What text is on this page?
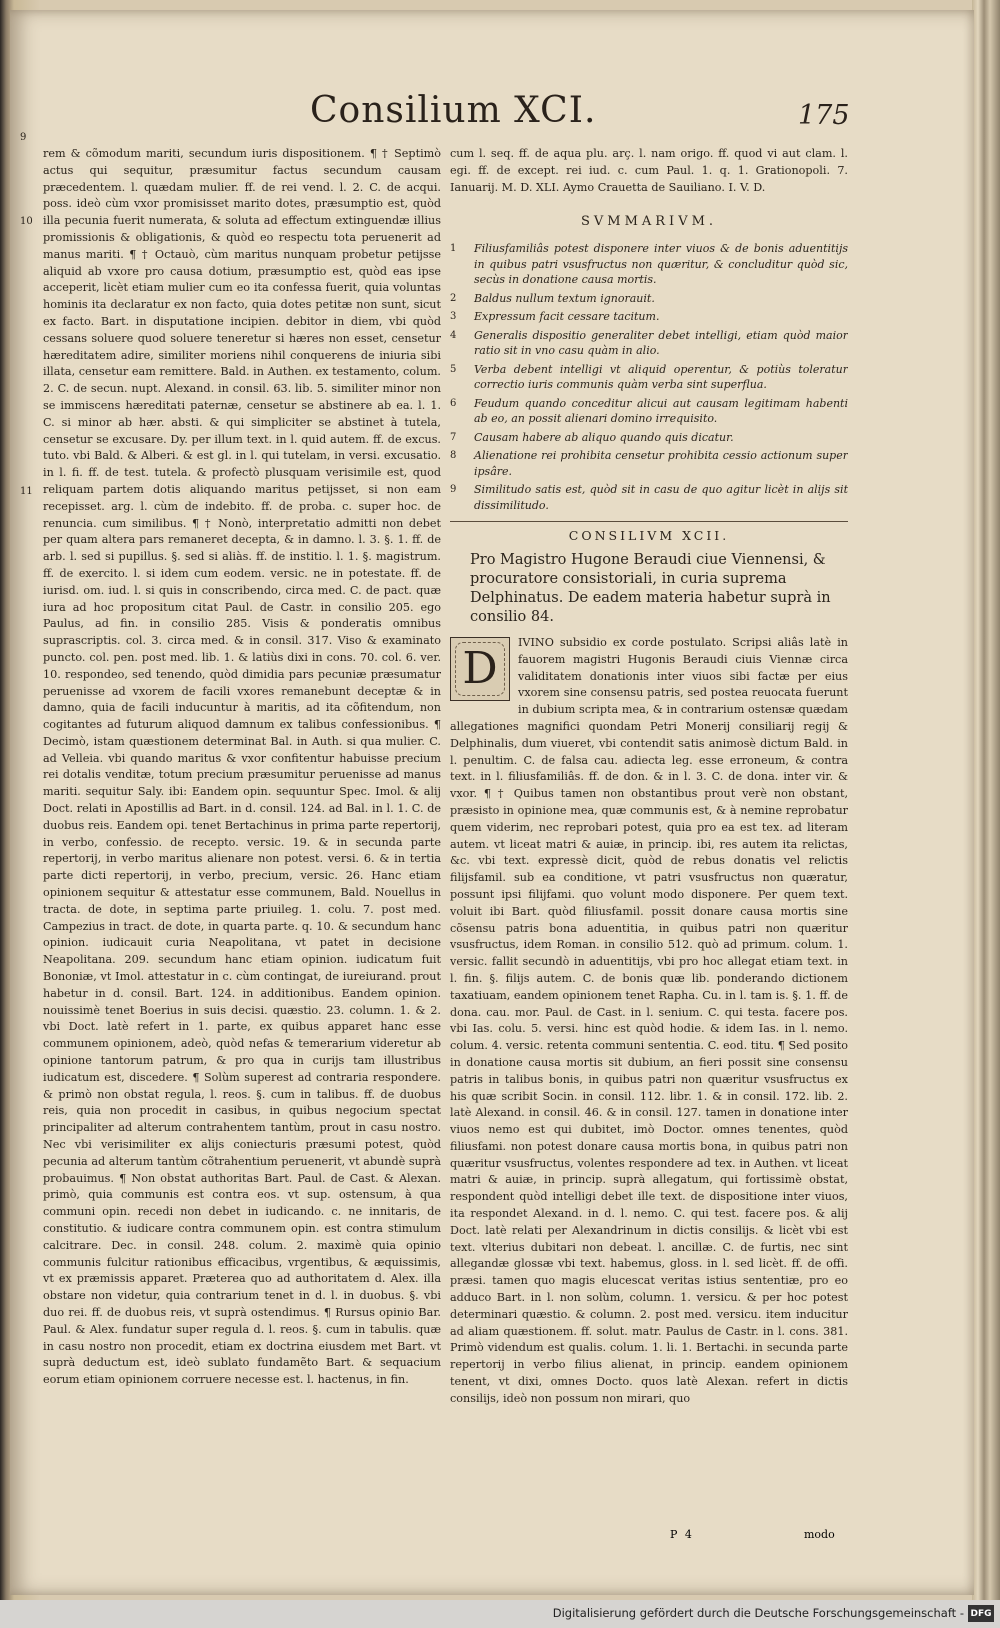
Consilium XCI.	175
9
10
11

rem & cõmodum mariti, secundum iuris dispositionem. ¶ † Septimò actus qui sequitur, præsumitur factus secundum causam præcedentem. l. quædam mulier. ff. de rei vend. l. 2. C. de acqui. poss. ideò cùm vxor promisisset marito dotes, præsumptio est, quòd illa pecunia fuerit numerata, & soluta ad effectum extinguendæ illius promissionis & obligationis, & quòd eo respectu tota peruenerit ad manus mariti. ¶ † Octauò, cùm maritus nunquam probetur petijsse aliquid ab vxore pro causa dotium, præsumptio est, quòd eas ipse acceperit, licèt etiam mulier cum eo ita confessa fuerit, quia voluntas hominis ita declaratur ex non facto, quia dotes petitæ non sunt, sicut ex facto. Bart. in disputatione incipien. debitor in diem, vbi quòd cessans soluere quod soluere teneretur si hæres non esset, censetur hæreditatem adire, similiter moriens nihil conquerens de iniuria sibi illata, censetur eam remittere. Bald. in Authen. ex testamento, colum. 2. C. de secun. nupt. Alexand. in consil. 63. lib. 5. similiter minor non se immiscens hæreditati paternæ, censetur se abstinere ab ea. l. 1. C. si minor ab hær. absti. & qui simpliciter se abstinet à tutela, censetur se excusare. Dy. per illum text. in l. quid autem. ff. de excus. tuto. vbi Bald. & Alberi. & est gl. in l. qui tutelam, in versi. excusatio. in l. fi. ff. de test. tutela. & profectò plusquam verisimile est, quod reliquam partem dotis aliquando maritus petijsset, si non eam recepisset. arg. l. cùm de indebito. ff. de proba. c. super hoc. de renuncia. cum similibus. ¶ † Nonò, interpretatio admitti non debet per quam altera pars remaneret decepta, & in damno. l. 3. §. 1. ff. de arb. l. sed si pupillus. §. sed si aliàs. ff. de institio. l. 1. §. magistrum. ff. de exercito. l. si idem cum eodem. versic. ne in potestate. ff. de iurisd. om. iud. l. si quis in conscribendo, circa med. C. de pact. quæ iura ad hoc propositum citat Paul. de Castr. in consilio 205. ego Paulus, ad fin. in consilio 285. Visis & ponderatis omnibus suprascriptis. col. 3. circa med. & in consil. 317. Viso & examinato puncto. col. pen. post med. lib. 1. & latiùs dixi in cons. 70. col. 6. ver. 10. respondeo, sed tenendo, quòd dimidia pars pecuniæ præsumatur peruenisse ad vxorem de facili vxores remanebunt deceptæ & in damno, quia de facili inducuntur à maritis, ad ita cõfitendum, non cogitantes ad futurum aliquod damnum ex talibus confessionibus. ¶ Decimò, istam quæstionem determinat Bal. in Auth. si qua mulier. C. ad Velleia. vbi quando maritus & vxor confitentur habuisse precium rei dotalis venditæ, totum precium præsumitur peruenisse ad manus mariti. sequitur Saly. ibi: Eandem opin. sequuntur Spec. Imol. & alij Doct. relati in Apostillis ad Bart. in d. consil. 124. ad Bal. in l. 1. C. de duobus reis. Eandem opi. tenet Bertachinus in prima parte repertorij, in verbo, confessio. de recepto. versic. 19. & in secunda parte repertorij, in verbo maritus alienare non potest. versi. 6. & in tertia parte dicti repertorij, in verbo, precium, versic. 26. Hanc etiam opinionem sequitur & attestatur esse communem, Bald. Nouellus in tracta. de dote, in septima parte priuileg. 1. colu. 7. post med. Campezius in tract. de dote, in quarta parte. q. 10. & secundum hanc opinion. iudicauit curia Neapolitana, vt patet in decisione Neapolitana. 209. secundum hanc etiam opinion. iudicatum fuit Bononiæ, vt Imol. attestatur in c. cùm contingat, de iureiurand. prout habetur in d. consil. Bart. 124. in additionibus. Eandem opinion. nouissimè tenet Boerius in suis decisi. quæstio. 23. column. 1. & 2. vbi Doct. latè refert in 1. parte, ex quibus apparet hanc esse communem opinionem, adeò, quòd nefas & temerarium videretur ab opinione tantorum patrum, & pro qua in curijs tam illustribus iudicatum est, discedere. ¶ Solùm superest ad contraria respondere. & primò non obstat regula, l. reos. §. cum in talibus. ff. de duobus reis, quia non procedit in casibus, in quibus negocium spectat principaliter ad alterum contrahentem tantùm, prout in casu nostro. Nec vbi verisimiliter ex alijs coniecturis præsumi potest, quòd pecunia ad alterum tantùm cõtrahentium peruenerit, vt abundè suprà probauimus. ¶ Non obstat authoritas Bart. Paul. de Cast. & Alexan. primò, quia communis est contra eos. vt sup. ostensum, à qua communi opin. recedi non debet in iudicando. c. ne innitaris, de constitutio. & iudicare contra communem opin. est contra stimulum calcitrare. Dec. in consil. 248. colum. 2. maximè quia opinio communis fulcitur rationibus efficacibus, vrgentibus, & æquissimis, vt ex præmissis apparet. Præterea quo ad authoritatem d. Alex. illa obstare non videtur, quia contrarium tenet in d. l. in duobus. §. vbi duo rei. ff. de duobus reis, vt suprà ostendimus. ¶ Rursus opinio Bar. Paul. & Alex. fundatur super regula d. l. reos. §. cum in tabulis. quæ in casu nostro non procedit, etiam ex doctrina eiusdem met Bart. vt suprà deductum est, ideò sublato fundamẽto Bart. & sequacium eorum etiam opinionem corruere necesse est. l. hactenus, in fin.

cum l. seq. ff. de aqua plu. arç. l. nam origo. ff. quod vi aut clam. l. egi. ff. de except. rei iud. c. cum Paul. 1. q. 1. Grationopoli. 7. Ianuarij. M. D. XLI. Aymo Crauetta de Sauiliano. I. V. D.

SVMMARIVM.
1	Filiusfamiliâs potest disponere inter viuos & de bonis aduentitijs in quibus patri vsusfructus non quæritur, & concluditur quòd sic, secùs in donatione causa mortis.
2	Baldus nullum textum ignorauit.
3	Expressum facit cessare tacitum.
4	Generalis dispositio generaliter debet intelligi, etiam quòd maior ratio sit in vno casu quàm in alio.
5	Verba debent intelligi vt aliquid operentur, & potiùs toleratur correctio iuris communis quàm verba sint superflua.
6	Feudum quando conceditur alicui aut causam legitimam habenti ab eo, an possit alienari domino irrequisito.
7	Causam habere ab aliquo quando quis dicatur.
8	Alienatione rei prohibita censetur prohibita cessio actionum super ipsâre.
9	Similitudo satis est, quòd sit in casu de quo agitur licèt in alijs sit dissimilitudo.
CONSILIVM XCII.
Pro Magistro Hugone Beraudi ciue Viennensi, & procuratore consistoriali, in curia suprema Delphinatus. De eadem materia habetur suprà in consilio 84.

D
IVINO subsidio ex corde postulato. Scripsi aliâs latè in fauorem magistri Hugonis Beraudi ciuis Viennæ circa validitatem donationis inter viuos sibi factæ per eius vxorem sine consensu patris, sed postea reuocata fuerunt in dubium scripta mea, & in contrarium ostensæ quædam allegationes magnifici quondam Petri Monerij consiliarij regij & Delphinalis, dum viueret, vbi contendit satis animosè dictum Bald. in l. penultim. C. de falsa cau. adiecta leg. esse erroneum, & contra text. in l. filiusfamiliâs. ff. de don. & in l. 3. C. de dona. inter vir. & vxor. ¶ † Quibus tamen non obstantibus prout verè non obstant, præsisto in opinione mea, quæ communis est, & à nemine reprobatur quem viderim, nec reprobari potest, quia pro ea est tex. ad literam autem. vt liceat matri & auiæ, in princip. ibi, res autem ita relictas, &c. vbi text. expressè dicit, quòd de rebus donatis vel relictis filijsfamil. sub ea conditione, vt patri vsusfructus non quæratur, possunt ipsi filijfami. quo volunt modo disponere. Per quem text. voluit ibi Bart. quòd filiusfamil. possit donare causa mortis sine cõsensu patris bona aduentitia, in quibus patri non quæritur vsusfructus, idem Roman. in consilio 512. quò ad primum. colum. 1. versic. fallit secundò in aduentitijs, vbi pro hoc allegat etiam text. in l. fin. §. filijs autem. C. de bonis quæ lib. ponderando dictionem taxatiuam, eandem opinionem tenet Rapha. Cu. in l. tam is. §. 1. ff. de dona. cau. mor. Paul. de Cast. in l. senium. C. qui testa. facere pos. vbi Ias. colu. 5. versi. hinc est quòd hodie. & idem Ias. in l. nemo. colum. 4. versic. retenta communi sententia. C. eod. titu. ¶ Sed posito in donatione causa mortis sit dubium, an fieri possit sine consensu patris in talibus bonis, in quibus patri non quæritur vsusfructus ex his quæ scribit Socin. in consil. 112. libr. 1. & in consil. 172. lib. 2. latè Alexand. in consil. 46. & in consil. 127. tamen in donatione inter viuos nemo est qui dubitet, imò Doctor. omnes tenentes, quòd filiusfami. non potest donare causa mortis bona, in quibus patri non quæritur vsusfructus, volentes respondere ad tex. in Authen. vt liceat matri & auiæ, in princip. suprà allegatum, qui fortissimè obstat, respondent quòd intelligi debet ille text. de dispositione inter viuos, ita respondet Alexand. in d. l. nemo. C. qui test. facere pos. & alij Doct. latè relati per Alexandrinum in dictis consilijs. & licèt vbi est text. vlterius dubitari non debeat. l. ancillæ. C. de furtis, nec sint allegandæ glossæ vbi text. habemus, gloss. in l. sed licèt. ff. de offi. præsi. tamen quo magis elucescat veritas istius sententiæ, pro eo adduco Bart. in l. non solùm, column. 1. versicu. & per hoc potest determinari quæstio. & column. 2. post med. versicu. item inducitur ad aliam quæstionem. ff. solut. matr. Paulus de Castr. in l. cons. 381. Primò videndum est qualis. colum. 1. li. 1. Bertachi. in secunda parte repertorij in verbo filius alienat, in princip. eandem opinionem tenent, vt dixi, omnes Docto. quos latè Alexan. refert in dictis consilijs, ideò non possum non mirari, quo

P 4	modo
Digitalisierung gefördert durch die Deutsche Forschungsgemeinschaft - DFG
